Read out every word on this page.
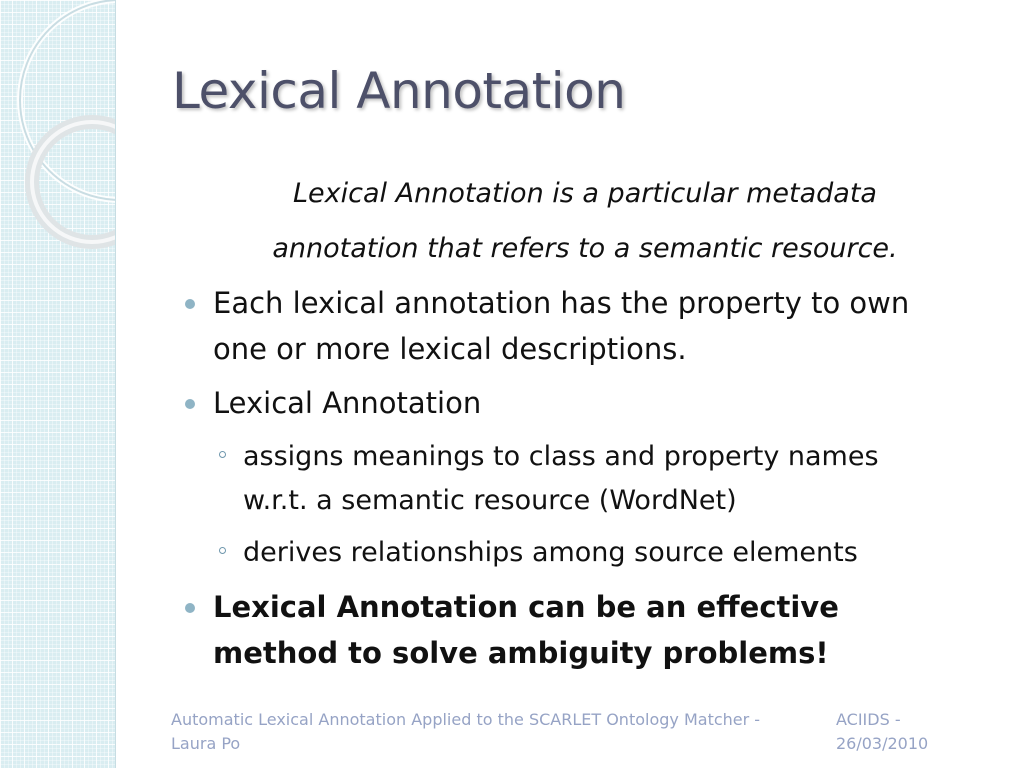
Lexical Annotation
Lexical Annotation is a particular metadata
annotation that refers to a semantic resource.
Each lexical annotation has the property to own
one or more lexical descriptions.
Lexical Annotation
assigns meanings to class and property names
w.r.t. a semantic resource (WordNet)
derives relationships among source elements
Lexical Annotation can be an effective
method to solve ambiguity problems!
Automatic Lexical Annotation Applied to the SCARLET Ontology Matcher -
Laura Po
ACIIDS -
26/03/2010
